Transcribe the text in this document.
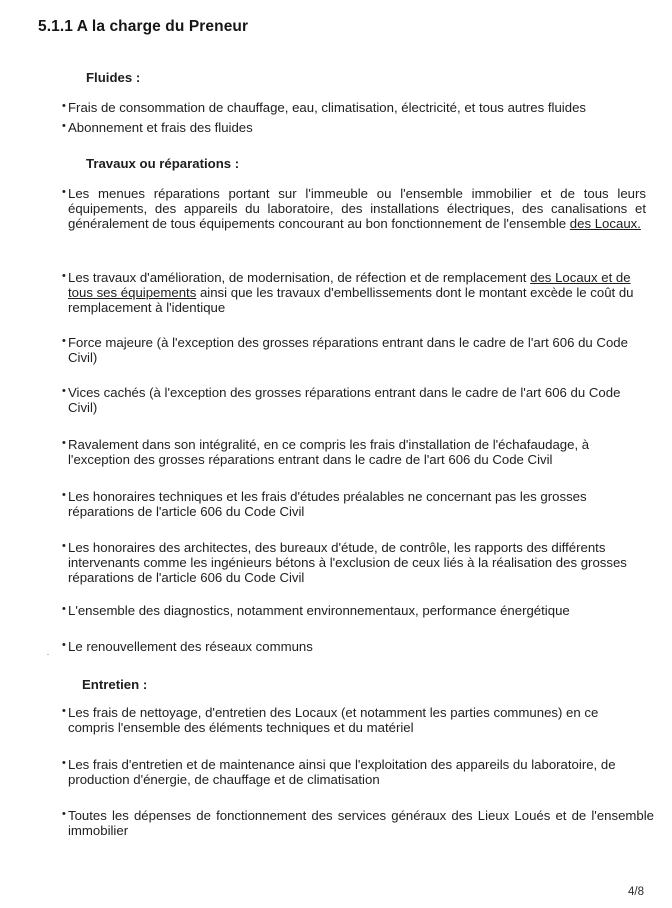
5.1.1 A la charge du Preneur
Fluides :
• Frais de consommation de chauffage, eau, climatisation, électricité, et tous autres fluides
• Abonnement et frais des fluides
Travaux ou réparations :
• Les menues réparations portant sur l'immeuble ou l'ensemble immobilier et de tous leurs équipements, des appareils du laboratoire, des installations électriques, des canalisations et généralement de tous équipements concourant au bon fonctionnement de l'ensemble des Locaux.
• Les travaux d'amélioration, de modernisation, de réfection et de remplacement des Locaux et de tous ses équipements ainsi que les travaux d'embellissements dont le montant excède le coût du remplacement à l'identique
• Force majeure (à l'exception des grosses réparations entrant dans le cadre de l'art 606 du Code Civil)
• Vices cachés (à l'exception des grosses réparations entrant dans le cadre de l'art 606 du Code Civil)
• Ravalement dans son intégralité, en ce compris les frais d'installation de l'échafaudage, à l'exception des grosses réparations entrant dans le cadre de l'art 606 du Code Civil
• Les honoraires techniques et les frais d'études préalables ne concernant pas les grosses réparations de l'article 606 du Code Civil
• Les honoraires des architectes, des bureaux d'étude, de contrôle, les rapports des différents intervenants comme les ingénieurs bétons à l'exclusion de ceux liés à la réalisation des grosses réparations de l'article 606 du Code Civil
• L'ensemble des diagnostics, notamment environnementaux, performance énergétique
• Le renouvellement des réseaux communs
Entretien :
• Les frais de nettoyage, d'entretien des Locaux (et notamment les parties communes) en ce compris l'ensemble des éléments techniques et du matériel
• Les frais d'entretien et de maintenance ainsi que l'exploitation des appareils du laboratoire, de production d'énergie, de chauffage et de climatisation
• Toutes les dépenses de fonctionnement des services généraux des Lieux Loués et de l'ensemble immobilier
4/8
